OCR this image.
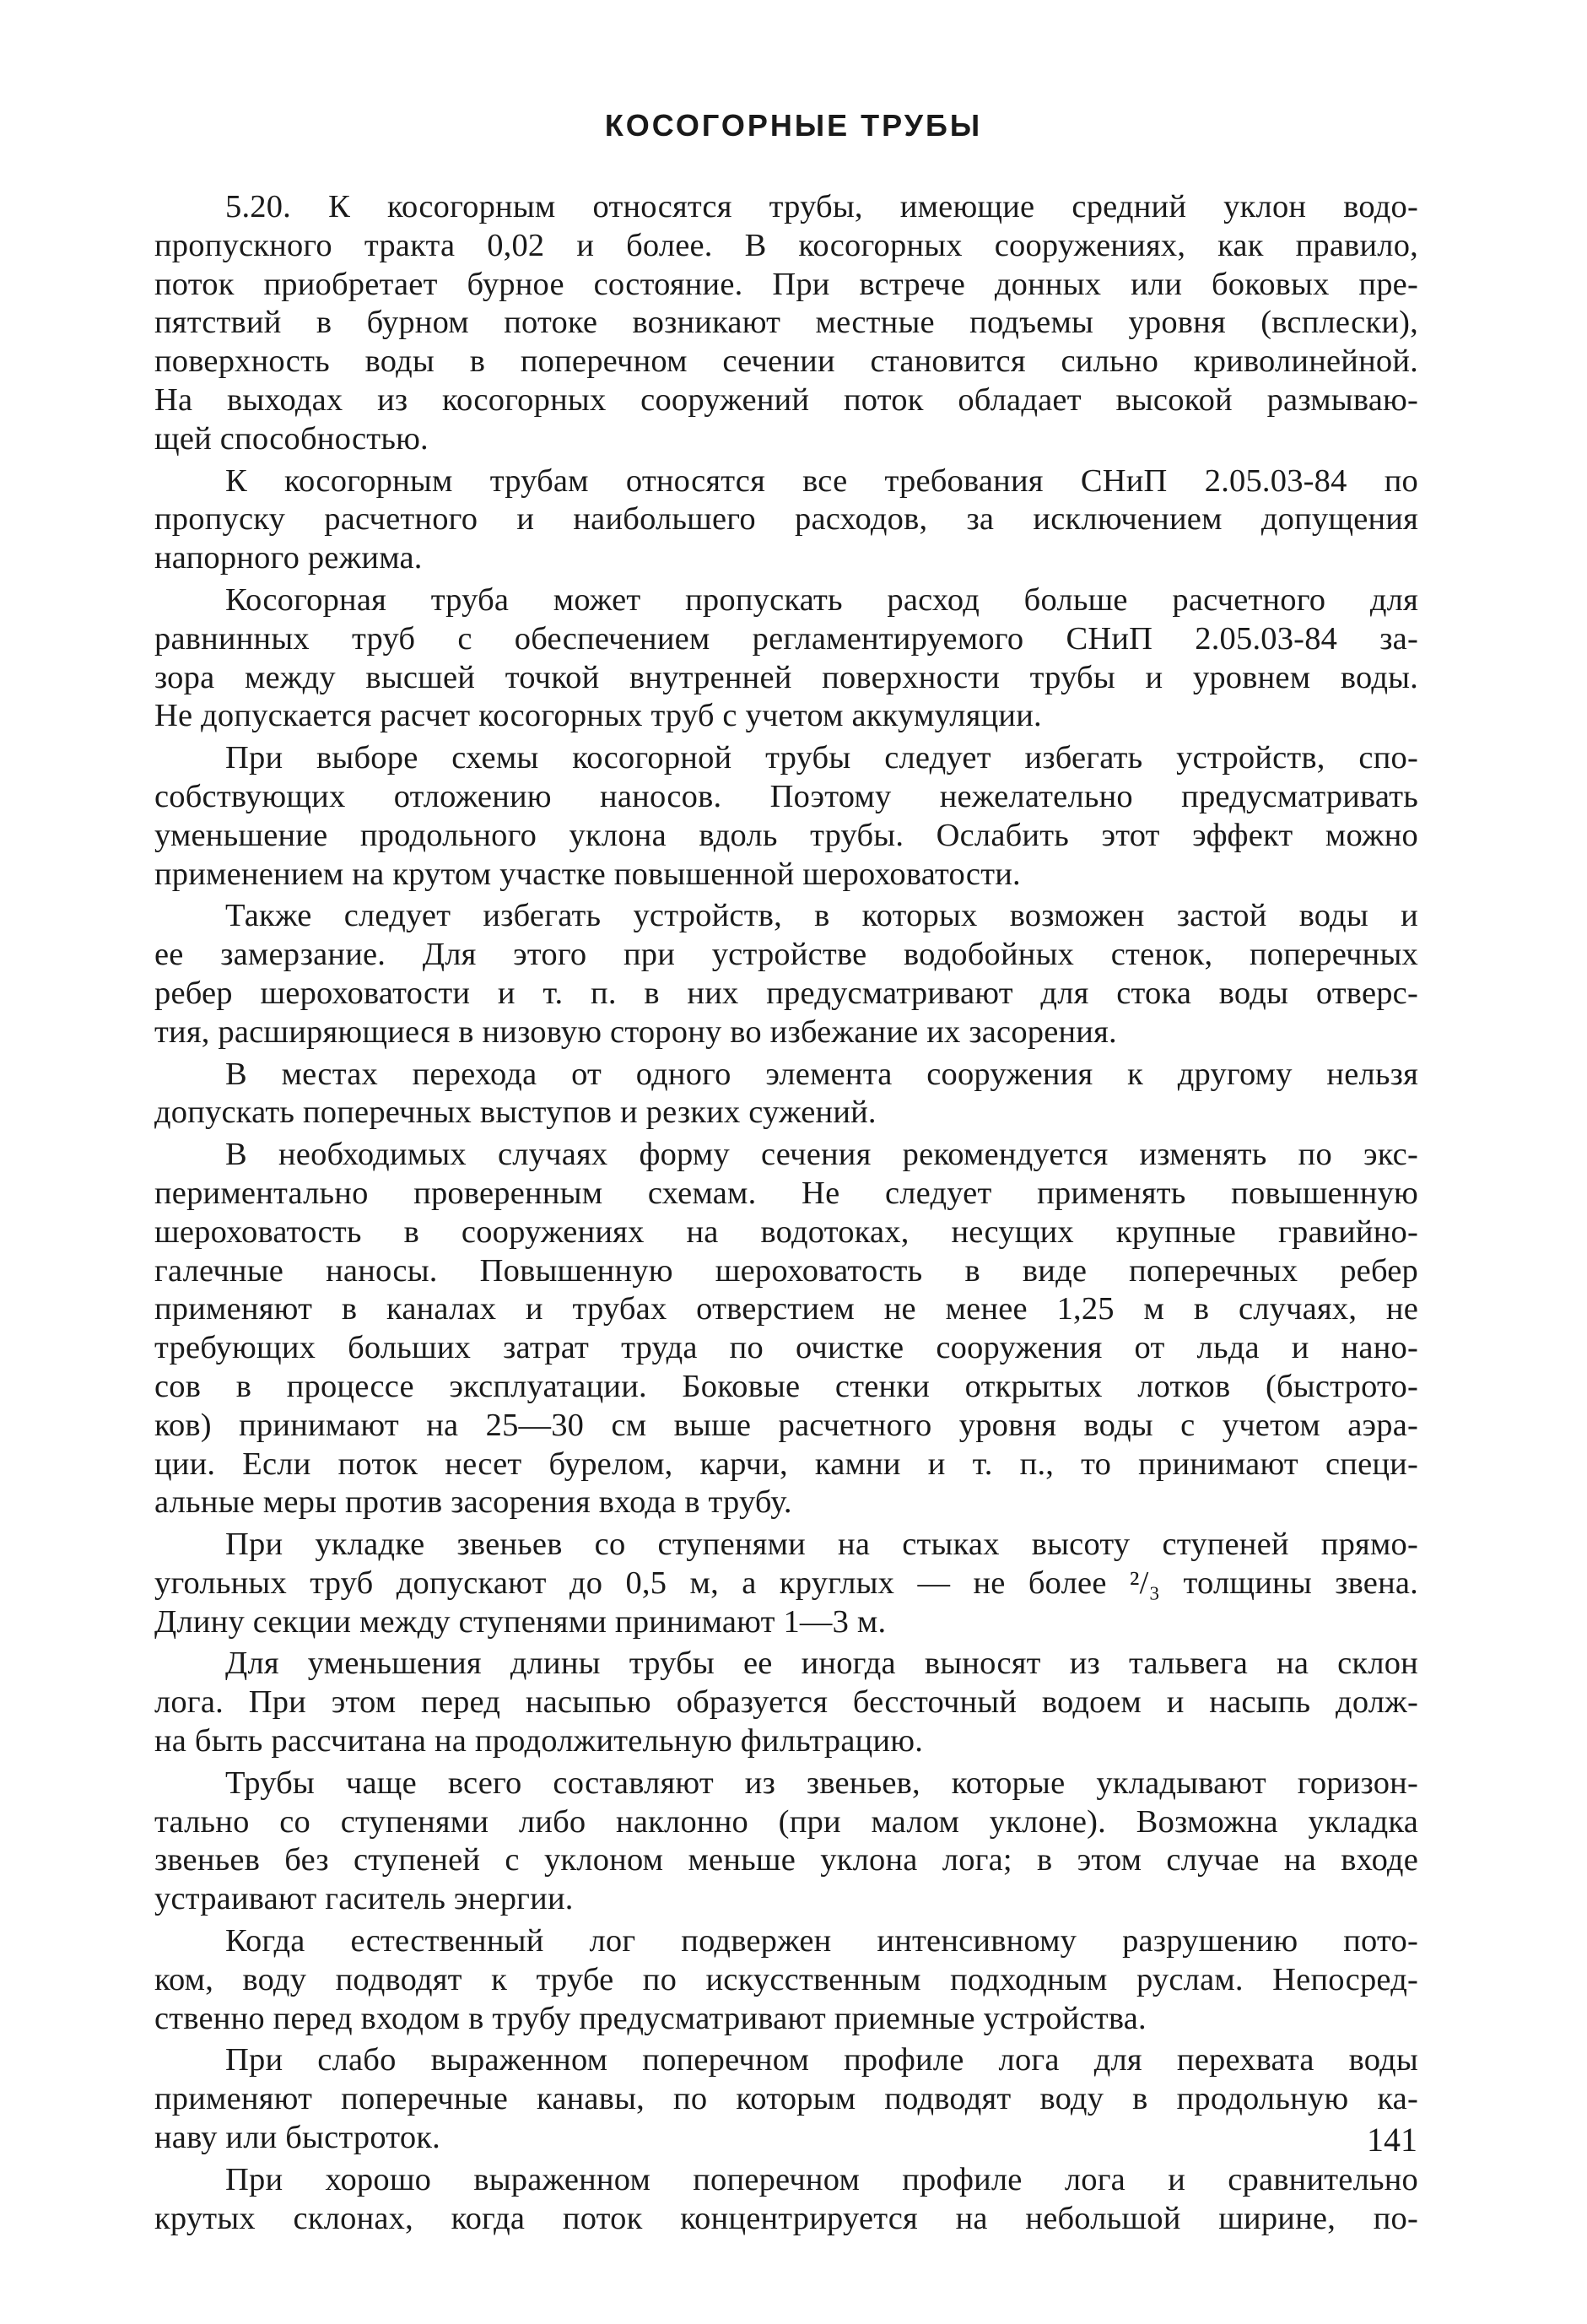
КОСОГОРНЫЕ ТРУБЫ
5.20. К косогорным относятся трубы, имеющие средний уклон водо-
пропускного тракта 0,02 и более. В косогорных сооружениях, как правило,
поток приобретает бурное состояние. При встрече донных или боковых пре-
пятствий в бурном потоке возникают местные подъемы уровня (всплески),
поверхность воды в поперечном сечении становится сильно криволинейной.
На выходах из косогорных сооружений поток обладает высокой размываю-
щей способностью.
К косогорным трубам относятся все требования СНиП 2.05.03-84 по
пропуску расчетного и наибольшего расходов, за исключением допущения
напорного режима.
Косогорная труба может пропускать расход больше расчетного для
равнинных труб с обеспечением регламентируемого СНиП 2.05.03-84 за-
зора между высшей точкой внутренней поверхности трубы и уровнем воды.
Не допускается расчет косогорных труб с учетом аккумуляции.
При выборе схемы косогорной трубы следует избегать устройств, спо-
собствующих отложению наносов. Поэтому нежелательно предусматривать
уменьшение продольного уклона вдоль трубы. Ослабить этот эффект можно
применением на крутом участке повышенной шероховатости.
Также следует избегать устройств, в которых возможен застой воды и
ее замерзание. Для этого при устройстве водобойных стенок, поперечных
ребер шероховатости и т. п. в них предусматривают для стока воды отверс-
тия, расширяющиеся в низовую сторону во избежание их засорения.
В местах перехода от одного элемента сооружения к другому нельзя
допускать поперечных выступов и резких сужений.
В необходимых случаях форму сечения рекомендуется изменять по экс-
периментально проверенным схемам. Не следует применять повышенную
шероховатость в сооружениях на водотоках, несущих крупные гравийно-
галечные наносы. Повышенную шероховатость в виде поперечных ребер
применяют в каналах и трубах отверстием не менее 1,25 м в случаях, не
требующих больших затрат труда по очистке сооружения от льда и нано-
сов в процессе эксплуатации. Боковые стенки открытых лотков (быстрото-
ков) принимают на 25—30 см выше расчетного уровня воды с учетом аэра-
ции. Если поток несет бурелом, карчи, камни и т. п., то принимают специ-
альные меры против засорения входа в трубу.
При укладке звеньев со ступенями на стыках высоту ступеней прямо-
угольных труб допускают до 0,5 м, а круглых — не более ²/₃ толщины звена.
Длину секции между ступенями принимают 1—3 м.
Для уменьшения длины трубы ее иногда выносят из тальвега на склон
лога. При этом перед насыпью образуется бессточный водоем и насыпь долж-
на быть рассчитана на продолжительную фильтрацию.
Трубы чаще всего составляют из звеньев, которые укладывают горизон-
тально со ступенями либо наклонно (при малом уклоне). Возможна укладка
звеньев без ступеней с уклоном меньше уклона лога; в этом случае на входе
устраивают гаситель энергии.
Когда естественный лог подвержен интенсивному разрушению пото-
ком, воду подводят к трубе по искусственным подходным руслам. Непосред-
ственно перед входом в трубу предусматривают приемные устройства.
При слабо выраженном поперечном профиле лога для перехвата воды
применяют поперечные канавы, по которым подводят воду в продольную ка-
наву или быстроток.
При хорошо выраженном поперечном профиле лога и сравнительно
крутых склонах, когда поток концентрируется на небольшой ширине, по-
141
